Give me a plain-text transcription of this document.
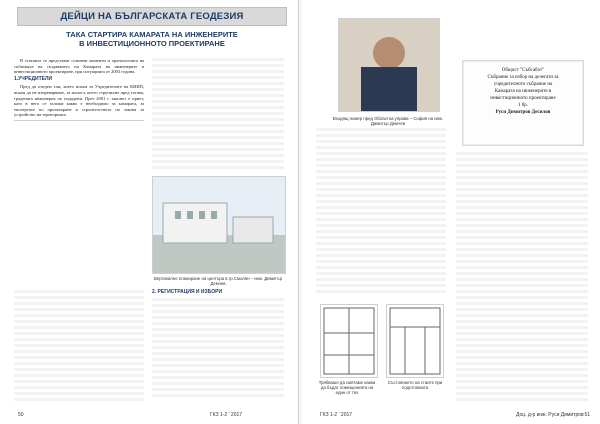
ДЕЙЦИ НА БЪЛГАРСКАТА ГЕОДЕЗИЯ
ТАКА СТАРТИРА КАМАРАТА НА ИНЖЕНЕРИТЕ
В ИНВЕСТИЦИОННОТО ПРОЕКТИРАНЕ

В статията се представят основни моменти и хронологията на събитията на създаването на Камарата на инженерите в инвестиционното проектиране, при ситуацията от 2003 година.

1.УЧРЕДИТЕЛИ

Пред да отидем там, което искам за Учредителите на КИИП, искам да не изпреварваме, за жалост, което струпихме пред тогава, градената инженерна по подадени. През 2001 г. законът е приет, като в него се заложи какво е необходимо за камарата, за експертите по проектиране и строителството по закона за устройство на територията.

Вертикално планиране на центъра в гр.Смолян – инж. Димитър Демчев

2. РЕГИСТРАЦИЯ И ИЗБОРИ

50	ГКЗ 1-2 ' 2017
Входящ номер пред Областна управа – София на инж. Димитър Демчев
Общост "Събсабот"
Събрание за избор на делегати за
учредителното събрание на
Камарата на инженерите в
инвестиционното проектиране
1 бр.
Руси Димитров Десилов
Трябваше да смятаме какви да бъдат помещенията на един от тях
Състоянието на стаите при подготовката
ГКЗ 1-2 ' 2017	Доц. д-р инж. Руси Димитров 51
